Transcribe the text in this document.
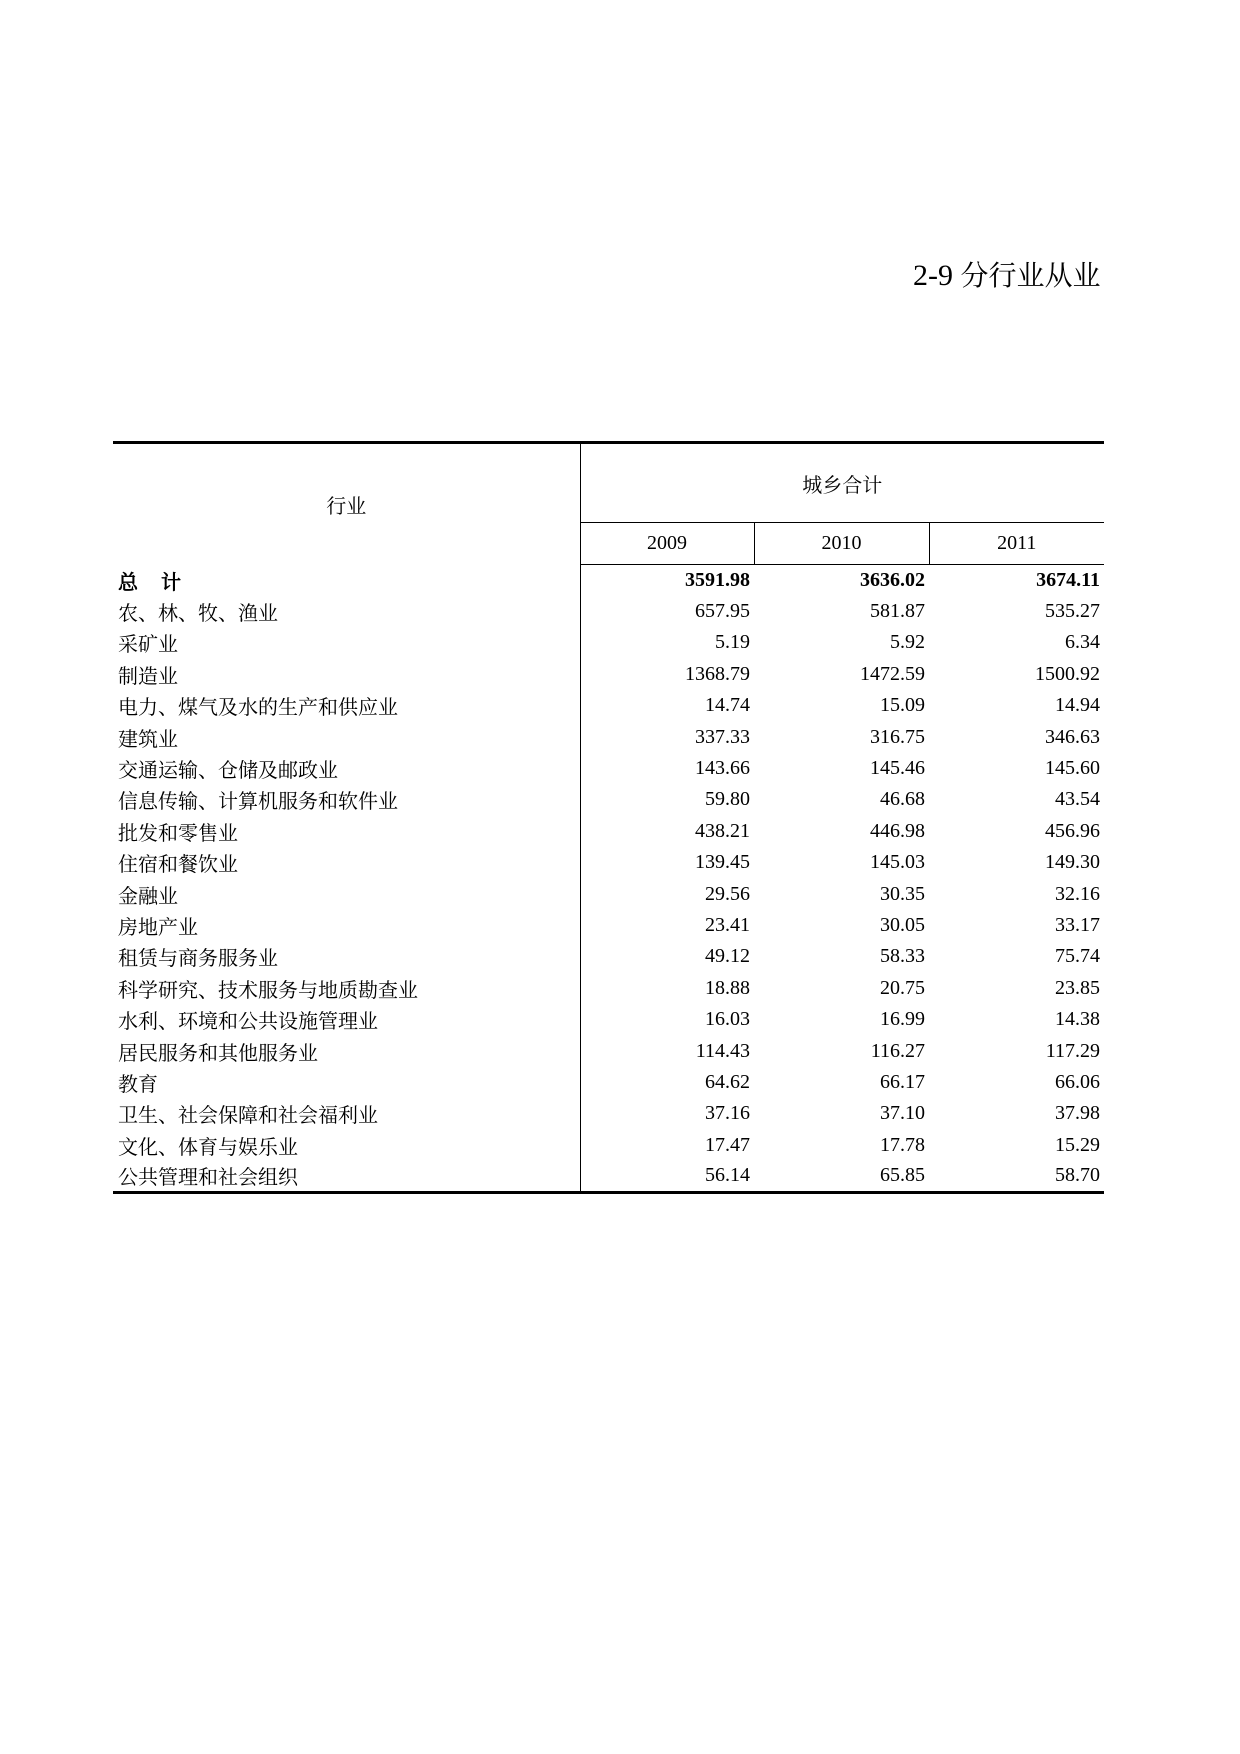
2-9 分行业从业
行业	城乡合计		
	2009	2010	2011
总 计	3591.98	3636.02	3674.11
农、林、牧、渔业	657.95	581.87	535.27
采矿业	5.19	5.92	6.34
制造业	1368.79	1472.59	1500.92
电力、煤气及水的生产和供应业	14.74	15.09	14.94
建筑业	337.33	316.75	346.63
交通运输、仓储及邮政业	143.66	145.46	145.60
信息传输、计算机服务和软件业	59.80	46.68	43.54
批发和零售业	438.21	446.98	456.96
住宿和餐饮业	139.45	145.03	149.30
金融业	29.56	30.35	32.16
房地产业	23.41	30.05	33.17
租赁与商务服务业	49.12	58.33	75.74
科学研究、技术服务与地质勘查业	18.88	20.75	23.85
水利、环境和公共设施管理业	16.03	16.99	14.38
居民服务和其他服务业	114.43	116.27	117.29
教育	64.62	66.17	66.06
卫生、社会保障和社会福利业	37.16	37.10	37.98
文化、体育与娱乐业	17.47	17.78	15.29
公共管理和社会组织	56.14	65.85	58.70
